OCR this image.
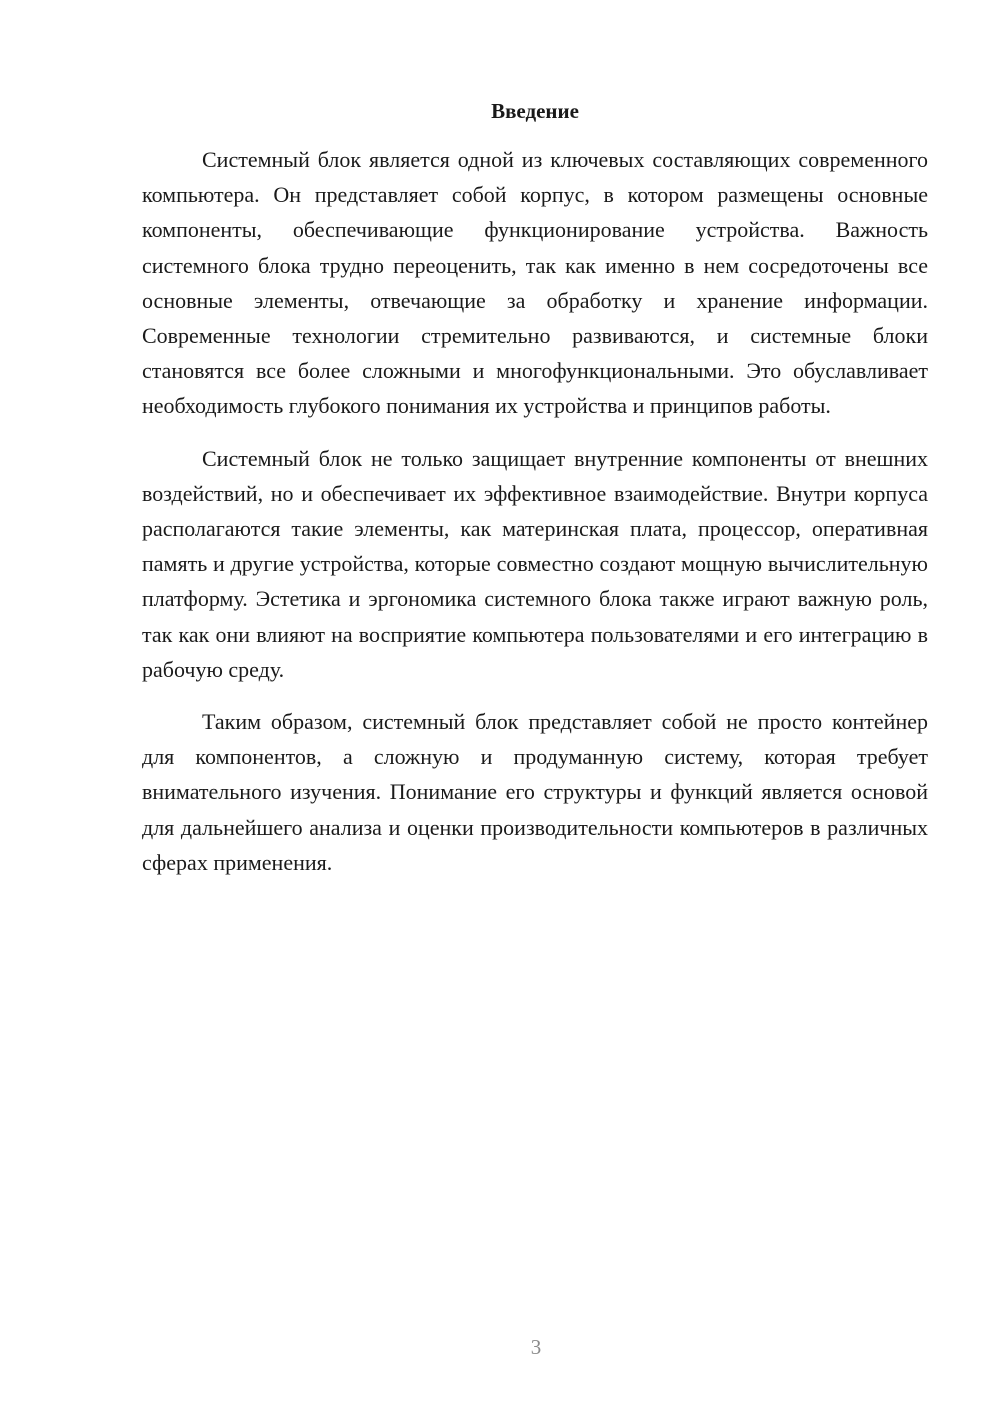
Введение

Системный блок является одной из ключевых составляющих современного компьютера. Он представляет собой корпус, в котором размещены основные компоненты, обеспечивающие функционирование устройства. Важность системного блока трудно переоценить, так как именно в нем сосредоточены все основные элементы, отвечающие за обработку и хранение информации. Современные технологии стремительно развиваются, и системные блоки становятся все более сложными и многофункциональными. Это обуславливает необходимость глубокого понимания их устройства и принципов работы.

Системный блок не только защищает внутренние компоненты от внешних воздействий, но и обеспечивает их эффективное взаимодействие. Внутри корпуса располагаются такие элементы, как материнская плата, процессор, оперативная память и другие устройства, которые совместно создают мощную вычислительную платформу. Эстетика и эргономика системного блока также играют важную роль, так как они влияют на восприятие компьютера пользователями и его интеграцию в рабочую среду.

Таким образом, системный блок представляет собой не просто контейнер для компонентов, а сложную и продуманную систему, которая требует внимательного изучения. Понимание его структуры и функций является основой для дальнейшего анализа и оценки производительности компьютеров в различных сферах применения.

3
